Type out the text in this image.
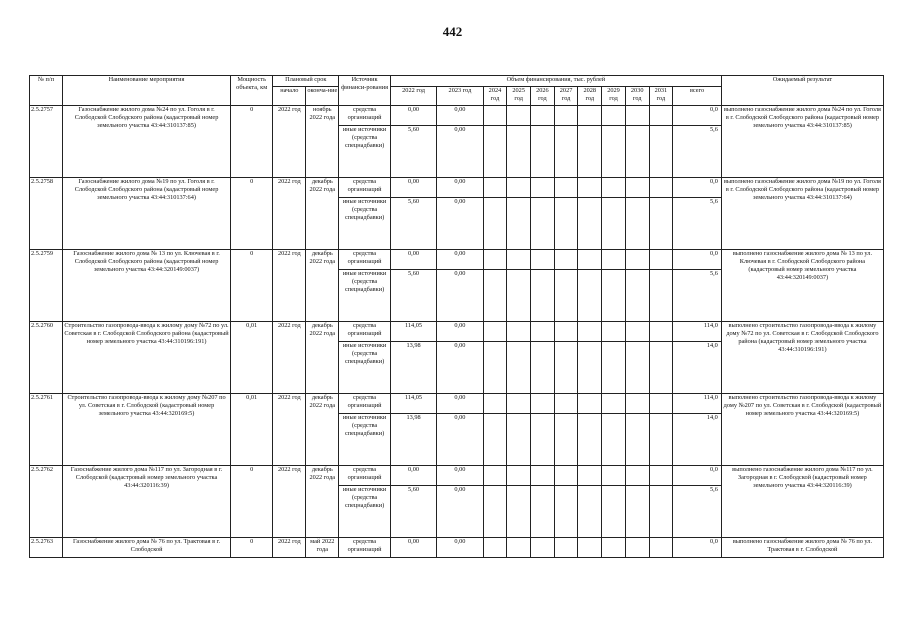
442
№ п/п	Наименование мероприятия	Мощность объекта, км	Плановый срок		Источник финанси-рования	Объем финансирования, тыс. рублей											Ожидаемый результат
			начало	оконча-ние		2022 год	2023 год	2024 год	2025 год	2026 год	2027 год	2028 год	2029 год	2030 год	2031 год	всего	
2.5.2757	Газоснабжение жилого дома №24 по ул. Гоголя в г. Слободской Слободского района (кадастровый номер земельного участка 43:44:310137:85)	0	2022 год	ноябрь 2022 года	средства организаций	0,00	0,00									0,0	выполнено газоснабжение жилого дома №24 по ул. Гоголя в г. Слободской Слободского района (кадастровый номер земельного участка 43:44:310137:85)
					иные источники (средства спецнадбавки)	5,60	0,00									5,6	
2.5.2758	Газоснабжение жилого дома №19 по ул. Гоголя в г. Слободской Слободского района (кадастровый номер земельного участка 43:44:310137:64)	0	2022 год	декабрь 2022 года	средства организаций	0,00	0,00									0,0	выполнено газоснабжение жилого дома №19 по ул. Гоголя в г. Слободской Слободского района (кадастровый номер земельного участка 43:44:310137:64)
					иные источники (средства спецнадбавки)	5,60	0,00									5,6	
2.5.2759	Газоснабжение жилого дома № 13 по ул. Ключевая в г. Слободской Слободского района (кадастровый номер земельного участка 43:44:320149:0037)	0	2022 год	декабрь 2022 года	средства организаций	0,00	0,00									0,0	выполнено газоснабжение жилого дома № 13 по ул. Ключевая в г. Слободской Слободского района (кадастровый номер земельного участка 43:44:320149:0037)
					иные источники (средства спецнадбавки)	5,60	0,00									5,6	
2.5.2760	Строительство газопровода-ввода к жилому дому №72 по ул. Советская в г. Слободской Слободского района (кадастровый номер земельного участка 43:44:310196:191)	0,01	2022 год	декабрь 2022 года	средства организаций	114,05	0,00									114,0	выполнено строительство газопровода-ввода к жилому дому №72 по ул. Советская в г. Слободской Слободского района (кадастровый номер земельного участка 43:44:310196:191)
					иные источники (средства спецнадбавки)	13,98	0,00									14,0	
2.5.2761	Строительство газопровода-ввода к жилому дому №207 по ул. Советская в г. Слободской (кадастровый номер земельного участка 43:44:320169:5)	0,01	2022 год	декабрь 2022 года	средства организаций	114,05	0,00									114,0	выполнено строительство газопровода-ввода к жилому дому №207 по ул. Советская в г. Слободской (кадастровый номер земельного участка 43:44:320169:5)
					иные источники (средства спецнадбавки)	13,98	0,00									14,0	
2.5.2762	Газоснабжение жилого дома №117 по ул. Загородная в г. Слободской (кадастровый номер земельного участка 43:44:320116:39)	0	2022 год	декабрь 2022 года	средства организаций	0,00	0,00									0,0	выполнено газоснабжение жилого дома №117 по ул. Загородная в г. Слободской (кадастровый номер земельного участка 43:44:320116:39)
					иные источники (средства спецнадбавки)	5,60	0,00									5,6	
2.5.2763	Газоснабжение жилого дома № 76 по ул. Трактовая в г. Слободской	0	2022 год	май 2022 года	средства организаций	0,00	0,00									0,0	выполнено газоснабжение жилого дома № 76 по ул. Трактовая в г. Слободской
